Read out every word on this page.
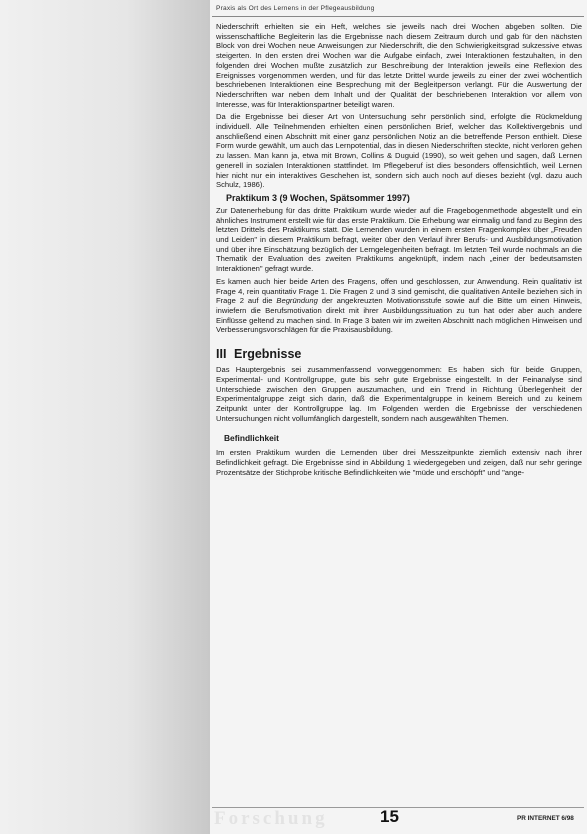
Praxis als Ort des Lernens in der Pflegeausbildung

Niederschrift erhielten sie ein Heft, welches sie jeweils nach drei Wochen abgeben sollten. Die wissenschaftliche Begleiterin las die Ergebnisse nach diesem Zeitraum durch und gab für den nächsten Block von drei Wochen neue Anweisungen zur Niederschrift, die den Schwierigkeitsgrad sukzessive etwas steigerten. In den ersten drei Wochen war die Aufgabe einfach, zwei Interaktionen festzuhalten, in den folgenden drei Wochen mußte zusätzlich zur Beschreibung der Interaktion jeweils eine Reflexion des Ereignisses vorgenommen werden, und für das letzte Drittel wurde jeweils zu einer der zwei wöchentlich beschriebenen Interaktionen eine Besprechung mit der Begleitperson verlangt. Für die Auswertung der Niederschriften war neben dem Inhalt und der Qualität der beschriebenen Interaktion vor allem von Interesse, was für Interaktionspartner beteiligt waren.

Da die Ergebnisse bei dieser Art von Untersuchung sehr persönlich sind, erfolgte die Rückmeldung individuell. Alle Teilnehmenden erhielten einen persönlichen Brief, welcher das Kollektivergebnis und anschließend einen Abschnitt mit einer ganz persönlichen Notiz an die betreffende Person enthielt. Diese Form wurde gewählt, um auch das Lernpotential, das in diesen Niederschriften steckte, nicht verloren gehen zu lassen. Man kann ja, etwa mit Brown, Collins & Duguid (1990), so weit gehen und sagen, daß Lernen generell in sozialen Interaktionen stattfindet. Im Pflegeberuf ist dies besonders offensichtlich, weil Lernen hier nicht nur ein interaktives Geschehen ist, sondern sich auch noch auf dieses bezieht (vgl. dazu auch Schulz, 1986).

Praktikum 3 (9 Wochen, Spätsommer 1997)

Zur Datenerhebung für das dritte Praktikum wurde wieder auf die Fragebogenmethode abgestellt und ein ähnliches Instrument erstellt wie für das erste Praktikum. Die Erhebung war einmalig und fand zu Beginn des letzten Drittels des Praktikums statt. Die Lernenden wurden in einem ersten Fragenkomplex über „Freuden und Leiden" in diesem Praktikum befragt, weiter über den Verlauf ihrer Berufs- und Ausbildungsmotivation und über ihre Einschätzung bezüglich der Lerngelegenheiten befragt. Im letzten Teil wurde nochmals an die Thematik der Evaluation des zweiten Praktikums angeknüpft, indem nach „einer der bedeutsamsten Interaktionen" gefragt wurde.

Es kamen auch hier beide Arten des Fragens, offen und geschlossen, zur Anwendung. Rein qualitativ ist Frage 4, rein quantitativ Frage 1. Die Fragen 2 und 3 sind gemischt, die qualitativen Anteile beziehen sich in Frage 2 auf die Begründung der angekreuzten Motivationsstufe sowie auf die Bitte um einen Hinweis, inwiefern die Berufsmotivation direkt mit ihrer Ausbildungssituation zu tun hat oder aber auch andere Einflüsse geltend zu machen sind. In Frage 3 baten wir im zweiten Abschnitt nach möglichen Hinweisen und Verbesserungsvorschlägen für die Praxisausbildung.

III Ergebnisse

Das Hauptergebnis sei zusammenfassend vorweggenommen: Es haben sich für beide Gruppen, Experimental- und Kontrollgruppe, gute bis sehr gute Ergebnisse eingestellt. In der Feinanalyse sind Unterschiede zwischen den Gruppen auszumachen, und ein Trend in Richtung Überlegenheit der Experimentalgruppe zeigt sich darin, daß die Experimentalgruppe in keinem Bereich und zu keinem Zeitpunkt unter der Kontrollgruppe lag. Im Folgenden werden die Ergebnisse der verschiedenen Untersuchungen nicht vollumfänglich dargestellt, sondern nach ausgewählten Themen.

Befindlichkeit

Im ersten Praktikum wurden die Lernenden über drei Messzeitpunkte ziemlich extensiv nach ihrer Befindlichkeit gefragt. Die Ergebnisse sind in Abbildung 1 wiedergegeben und zeigen, daß nur sehr geringe Prozentsätze der Stichprobe kritische Befindlichkeiten wie "müde und erschöpft" und "ange-

Forschung	15	PR INTERNET 6/98
